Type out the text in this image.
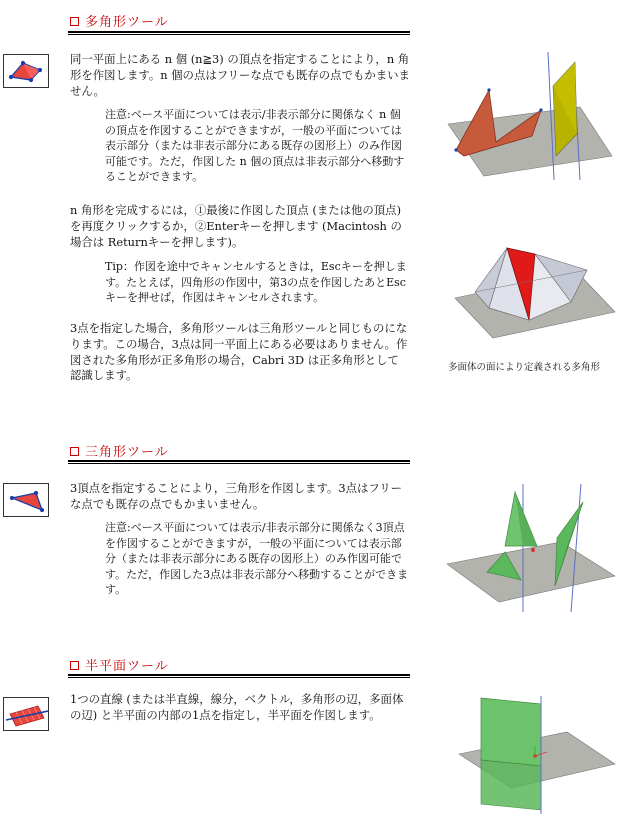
多角形ツール
同一平面上にある n 個 (n≧3) の頂点を指定することにより，n 角形を作図します。n 個の点はフリーな点でも既存の点でもかまいません。
注意:ベース平面については表示/非表示部分に関係なく n 個の頂点を作図することができますが，一般の平面については表示部分（または非表示部分にある既存の図形上）のみ作図可能です。ただ，作図した n 個の頂点は非表示部分へ移動することができます。
n 角形を完成するには，①最後に作図した頂点 (または他の頂点) を再度クリックするか，②Enterキーを押します (Macintosh の場合は Returnキーを押します)。
Tip：作図を途中でキャンセルするときは，Escキーを押します。たとえば，四角形の作図中，第3の点を作図したあとEscキーを押せば，作図はキャンセルされます。
3点を指定した場合，多角形ツールは三角形ツールと同じものになります。この場合，3点は同一平面上にある必要はありません。作図された多角形が正多角形の場合，Cabri 3D は正多角形として認識します。
多面体の面により定義される多角形
三角形ツール
3頂点を指定することにより，三角形を作図します。3点はフリーな点でも既存の点でもかまいません。
注意:ベース平面については表示/非表示部分に関係なく3頂点を作図することができますが，一般の平面については表示部分（または非表示部分にある既存の図形上）のみ作図可能です。ただ，作図した3点は非表示部分へ移動することができます。
半平面ツール
1つの直線 (または半直線，線分，ベクトル，多角形の辺，多面体の辺) と半平面の内部の1点を指定し，半平面を作図します。
